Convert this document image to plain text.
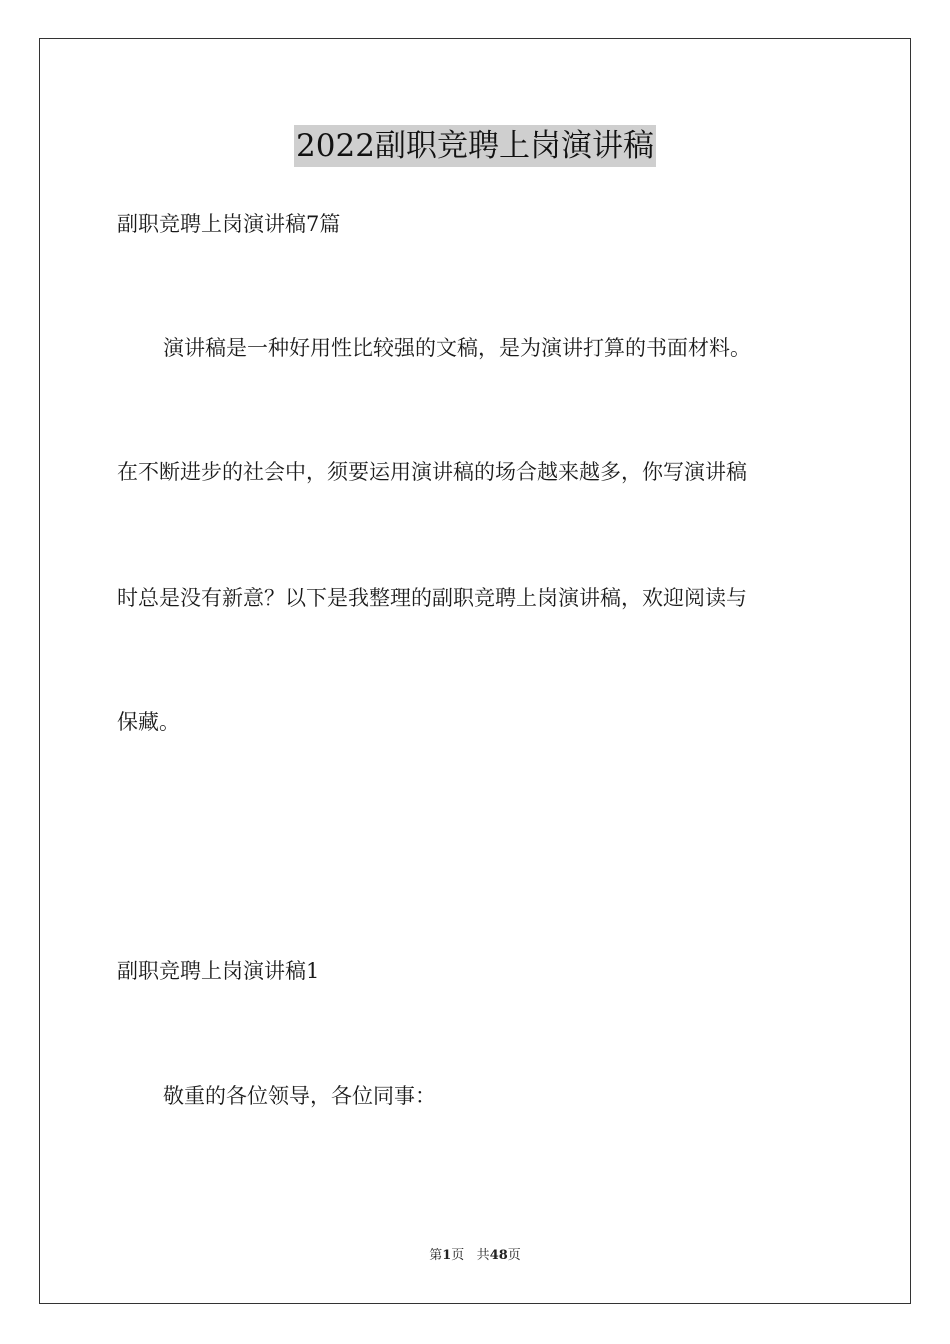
2022副职竞聘上岗演讲稿
副职竞聘上岗演讲稿7篇
演讲稿是一种好用性比较强的文稿，是为演讲打算的书面材料。
在不断进步的社会中，须要运用演讲稿的场合越来越多，你写演讲稿
时总是没有新意？以下是我整理的副职竞聘上岗演讲稿，欢迎阅读与
保藏。
副职竞聘上岗演讲稿1
敬重的各位领导，各位同事：
第1页 共48页
